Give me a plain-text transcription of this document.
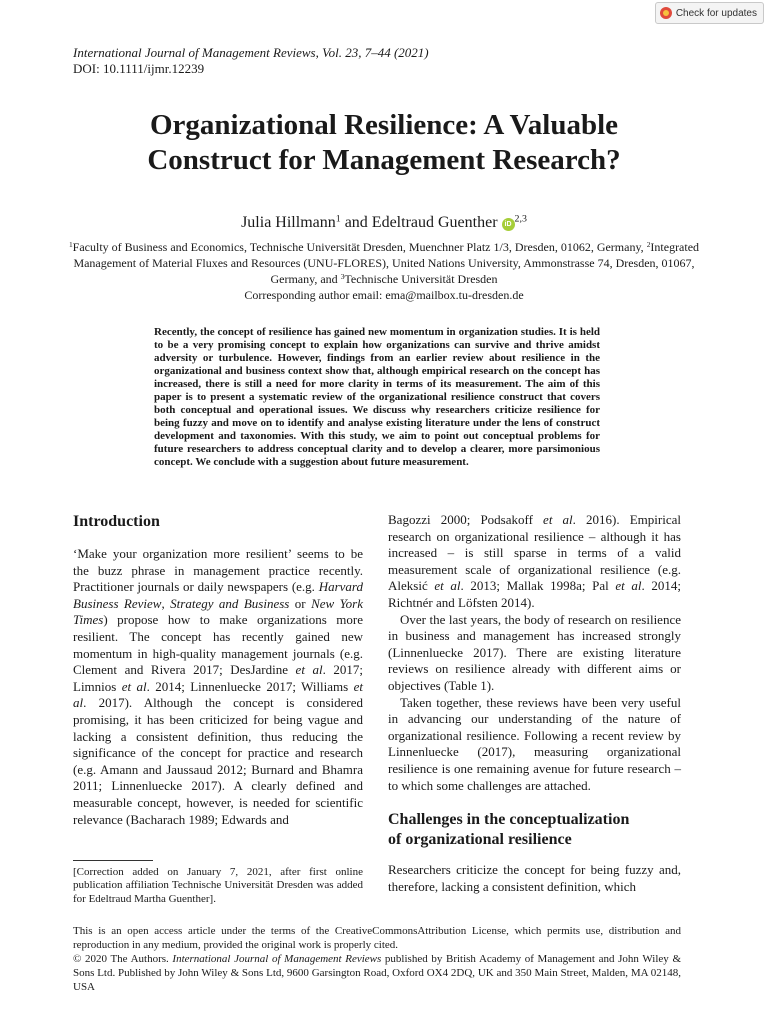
Check for updates
International Journal of Management Reviews, Vol. 23, 7–44 (2021)
DOI: 10.1111/ijmr.12239
Organizational Resilience: A Valuable
Construct for Management Research?
Julia Hillmann$^1$ and Edeltraud Guenther iD $^{2,3}$
$^1$Faculty of Business and Economics, Technische Universität Dresden, Muenchner Platz 1/3, Dresden, 01062, Germany, $^2$Integrated Management of Material Fluxes and Resources (UNU-FLORES), United Nations University, Ammonstrasse 74, Dresden, 01067, Germany, and $^3$Technische Universität Dresden
Corresponding author email: ema@mailbox.tu-dresden.de
Recently, the concept of resilience has gained new momentum in organization studies. It is held to be a very promising concept to explain how organizations can survive and thrive amidst adversity or turbulence. However, findings from an earlier review about resilience in the organizational and business context show that, although empirical research on the concept has increased, there is still a need for more clarity in terms of its measurement. The aim of this paper is to present a systematic review of the organizational resilience construct that covers both conceptual and operational issues. We discuss why researchers criticize resilience for being fuzzy and move on to identify and analyse existing literature under the lens of construct development and taxonomies. With this study, we aim to point out conceptual problems for future researchers to address conceptual clarity and to develop a clearer, more parsimonious concept. We conclude with a suggestion about future measurement.
Introduction

‘Make your organization more resilient’ seems to be the buzz phrase in management practice recently. Practitioner journals or daily newspapers (e.g. Harvard Business Review, Strategy and Business or New York Times) propose how to make organizations more resilient. The concept has recently gained new momentum in high-quality management journals (e.g. Clement and Rivera 2017; DesJardine et al. 2017; Limnios et al. 2014; Linnenluecke 2017; Williams et al. 2017). Although the concept is considered promising, it has been criticized for being vague and lacking a consistent definition, thus reducing the significance of the concept for practice and research (e.g. Amann and Jaussaud 2012; Burnard and Bhamra 2011; Linnenluecke 2017). A clearly defined and measurable concept, however, is needed for scientific relevance (Bacharach 1989; Edwards and

Bagozzi 2000; Podsakoff et al. 2016). Empirical research on organizational resilience – although it has increased – is still sparse in terms of a valid measurement scale of organizational resilience (e.g. Aleksić et al. 2013; Mallak 1998a; Pal et al. 2014; Richtnér and Löfsten 2014).

Over the last years, the body of research on resilience in business and management has increased strongly (Linnenluecke 2017). There are existing literature reviews on resilience already with different aims or objectives (Table 1).

Taken together, these reviews have been very useful in advancing our understanding of the nature of organizational resilience. Following a recent review by Linnenluecke (2017), measuring organizational resilience is one remaining avenue for future research – to which some challenges are attached.

Challenges in the conceptualization
of organizational resilience

Researchers criticize the concept for being fuzzy and, therefore, lacking a consistent definition, which

[Correction added on January 7, 2021, after first online publication affiliation Technische Universität Dresden was added for Edeltraud Martha Guenther].

This is an open access article under the terms of the CreativeCommonsAttribution License, which permits use, distribution and reproduction in any medium, provided the original work is properly cited.

© 2020 The Authors. International Journal of Management Reviews published by British Academy of Management and John Wiley & Sons Ltd. Published by John Wiley & Sons Ltd, 9600 Garsington Road, Oxford OX4 2DQ, UK and 350 Main Street, Malden, MA 02148, USA
